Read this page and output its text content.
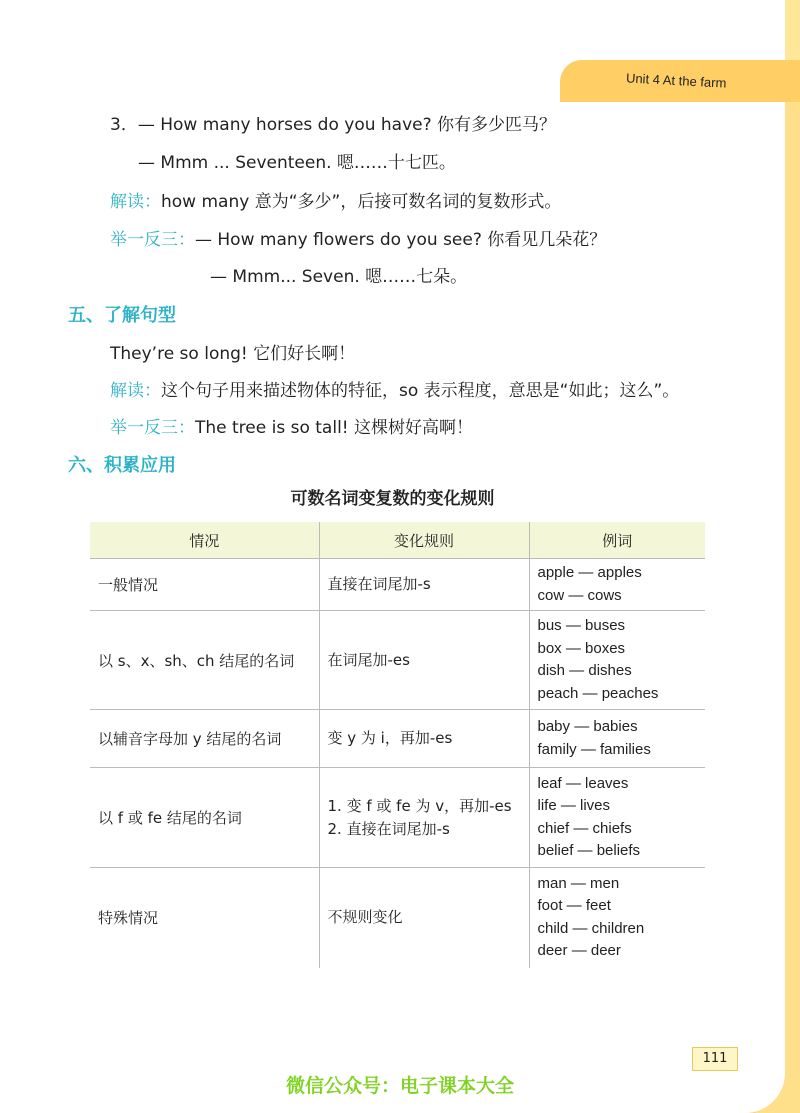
Unit 4 At the farm
3．— How many horses do you have? 你有多少匹马？
— Mmm ... Seventeen. 嗯……十七匹。
解读：how many 意为“多少”，后接可数名词的复数形式。
举一反三：— How many flowers do you see? 你看见几朵花？
— Mmm... Seven. 嗯……七朵。
五、了解句型
They’re so long! 它们好长啊！
解读：这个句子用来描述物体的特征，so 表示程度，意思是“如此；这么”。
举一反三：The tree is so tall! 这棵树好高啊！
六、积累应用
可数名词变复数的变化规则
情况	变化规则	例词
一般情况	直接在词尾加-s	apple — apples
cow — cows

以 s、x、sh、ch 结尾的名词	在词尾加-es	bus — buses
box — boxes
dish — dishes
peach — peaches

以辅音字母加 y 结尾的名词	变 y 为 i，再加-es	baby — babies
family — families

以 f 或 fe 结尾的名词	1. 变 f 或 fe 为 v，再加-es
2. 直接在词尾加-s	leaf — leaves
life — lives
chief — chiefs
belief — beliefs

特殊情况	不规则变化	man — men
foot — feet
child — children
deer — deer
111
微信公众号：电子课本大全
